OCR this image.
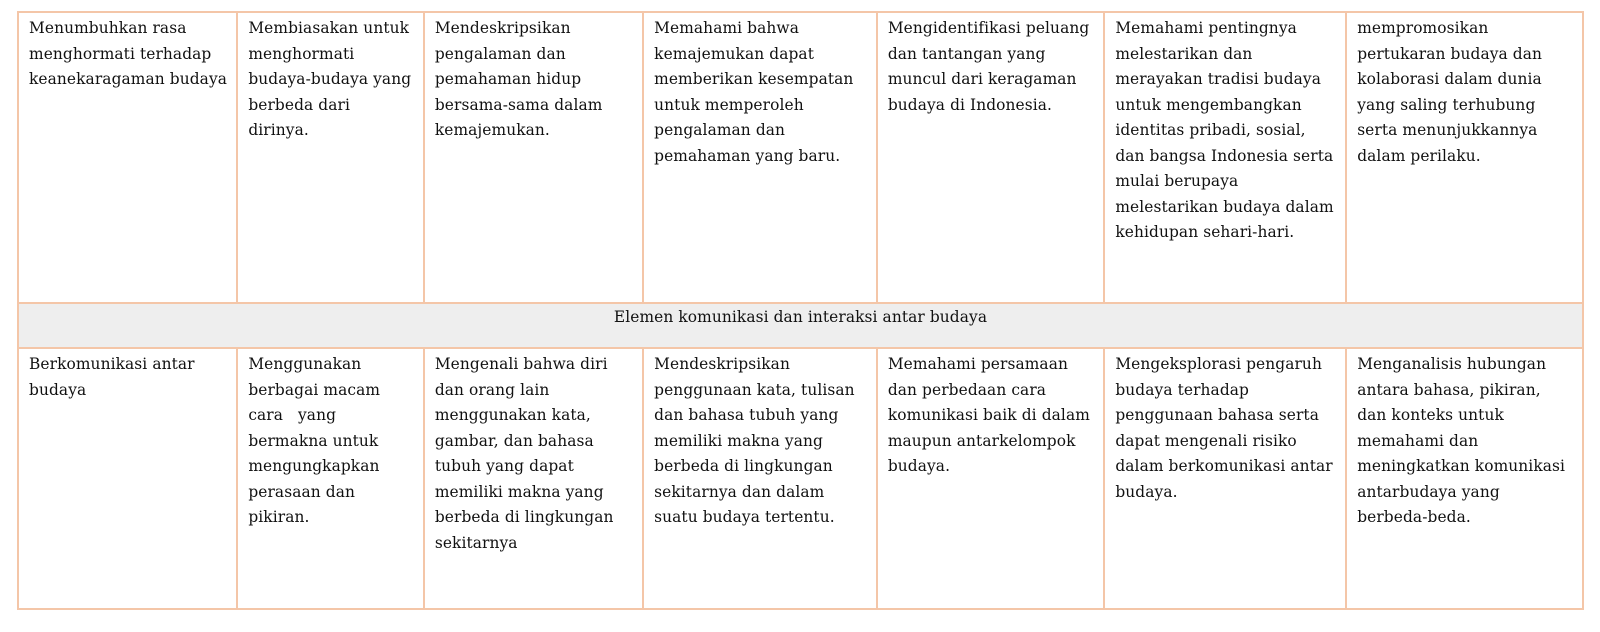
Menumbuhkan rasa menghormati terhadap keanekaragaman budaya	Membiasakan untuk menghormati budaya-budaya yang berbeda dari dirinya.	Mendeskripsikan pengalaman dan pemahaman hidup bersama-sama dalam kemajemukan.	Memahami bahwa kemajemukan dapat memberikan kesempatan untuk memperoleh pengalaman dan pemahaman yang baru.	Mengidentifikasi peluang dan tantangan yang muncul dari keragaman budaya di Indonesia.	Memahami pentingnya melestarikan dan merayakan tradisi budaya untuk mengembangkan identitas pribadi, sosial, dan bangsa Indonesia serta mulai berupaya melestarikan budaya dalam kehidupan sehari-hari.	mempromosikan pertukaran budaya dan kolaborasi dalam dunia yang saling terhubung serta menunjukkannya dalam perilaku.

Elemen komunikasi dan interaksi antar budaya						

Berkomunikasi antar budaya	Menggunakan berbagai macam cara   yang bermakna untuk mengungkapkan perasaan dan pikiran.	Mengenali bahwa diri dan orang lain menggunakan kata, gambar, dan bahasa tubuh yang dapat memiliki makna yang berbeda di lingkungan sekitarnya	Mendeskripsikan penggunaan kata, tulisan dan bahasa tubuh yang memiliki makna yang berbeda di lingkungan sekitarnya dan dalam suatu budaya tertentu.	Memahami persamaan dan perbedaan cara komunikasi baik di dalam maupun antarkelompok budaya.	Mengeksplorasi pengaruh budaya terhadap penggunaan bahasa serta dapat mengenali risiko dalam berkomunikasi antar budaya.	Menganalisis hubungan antara bahasa, pikiran, dan konteks untuk memahami dan meningkatkan komunikasi antarbudaya yang berbeda-beda.
